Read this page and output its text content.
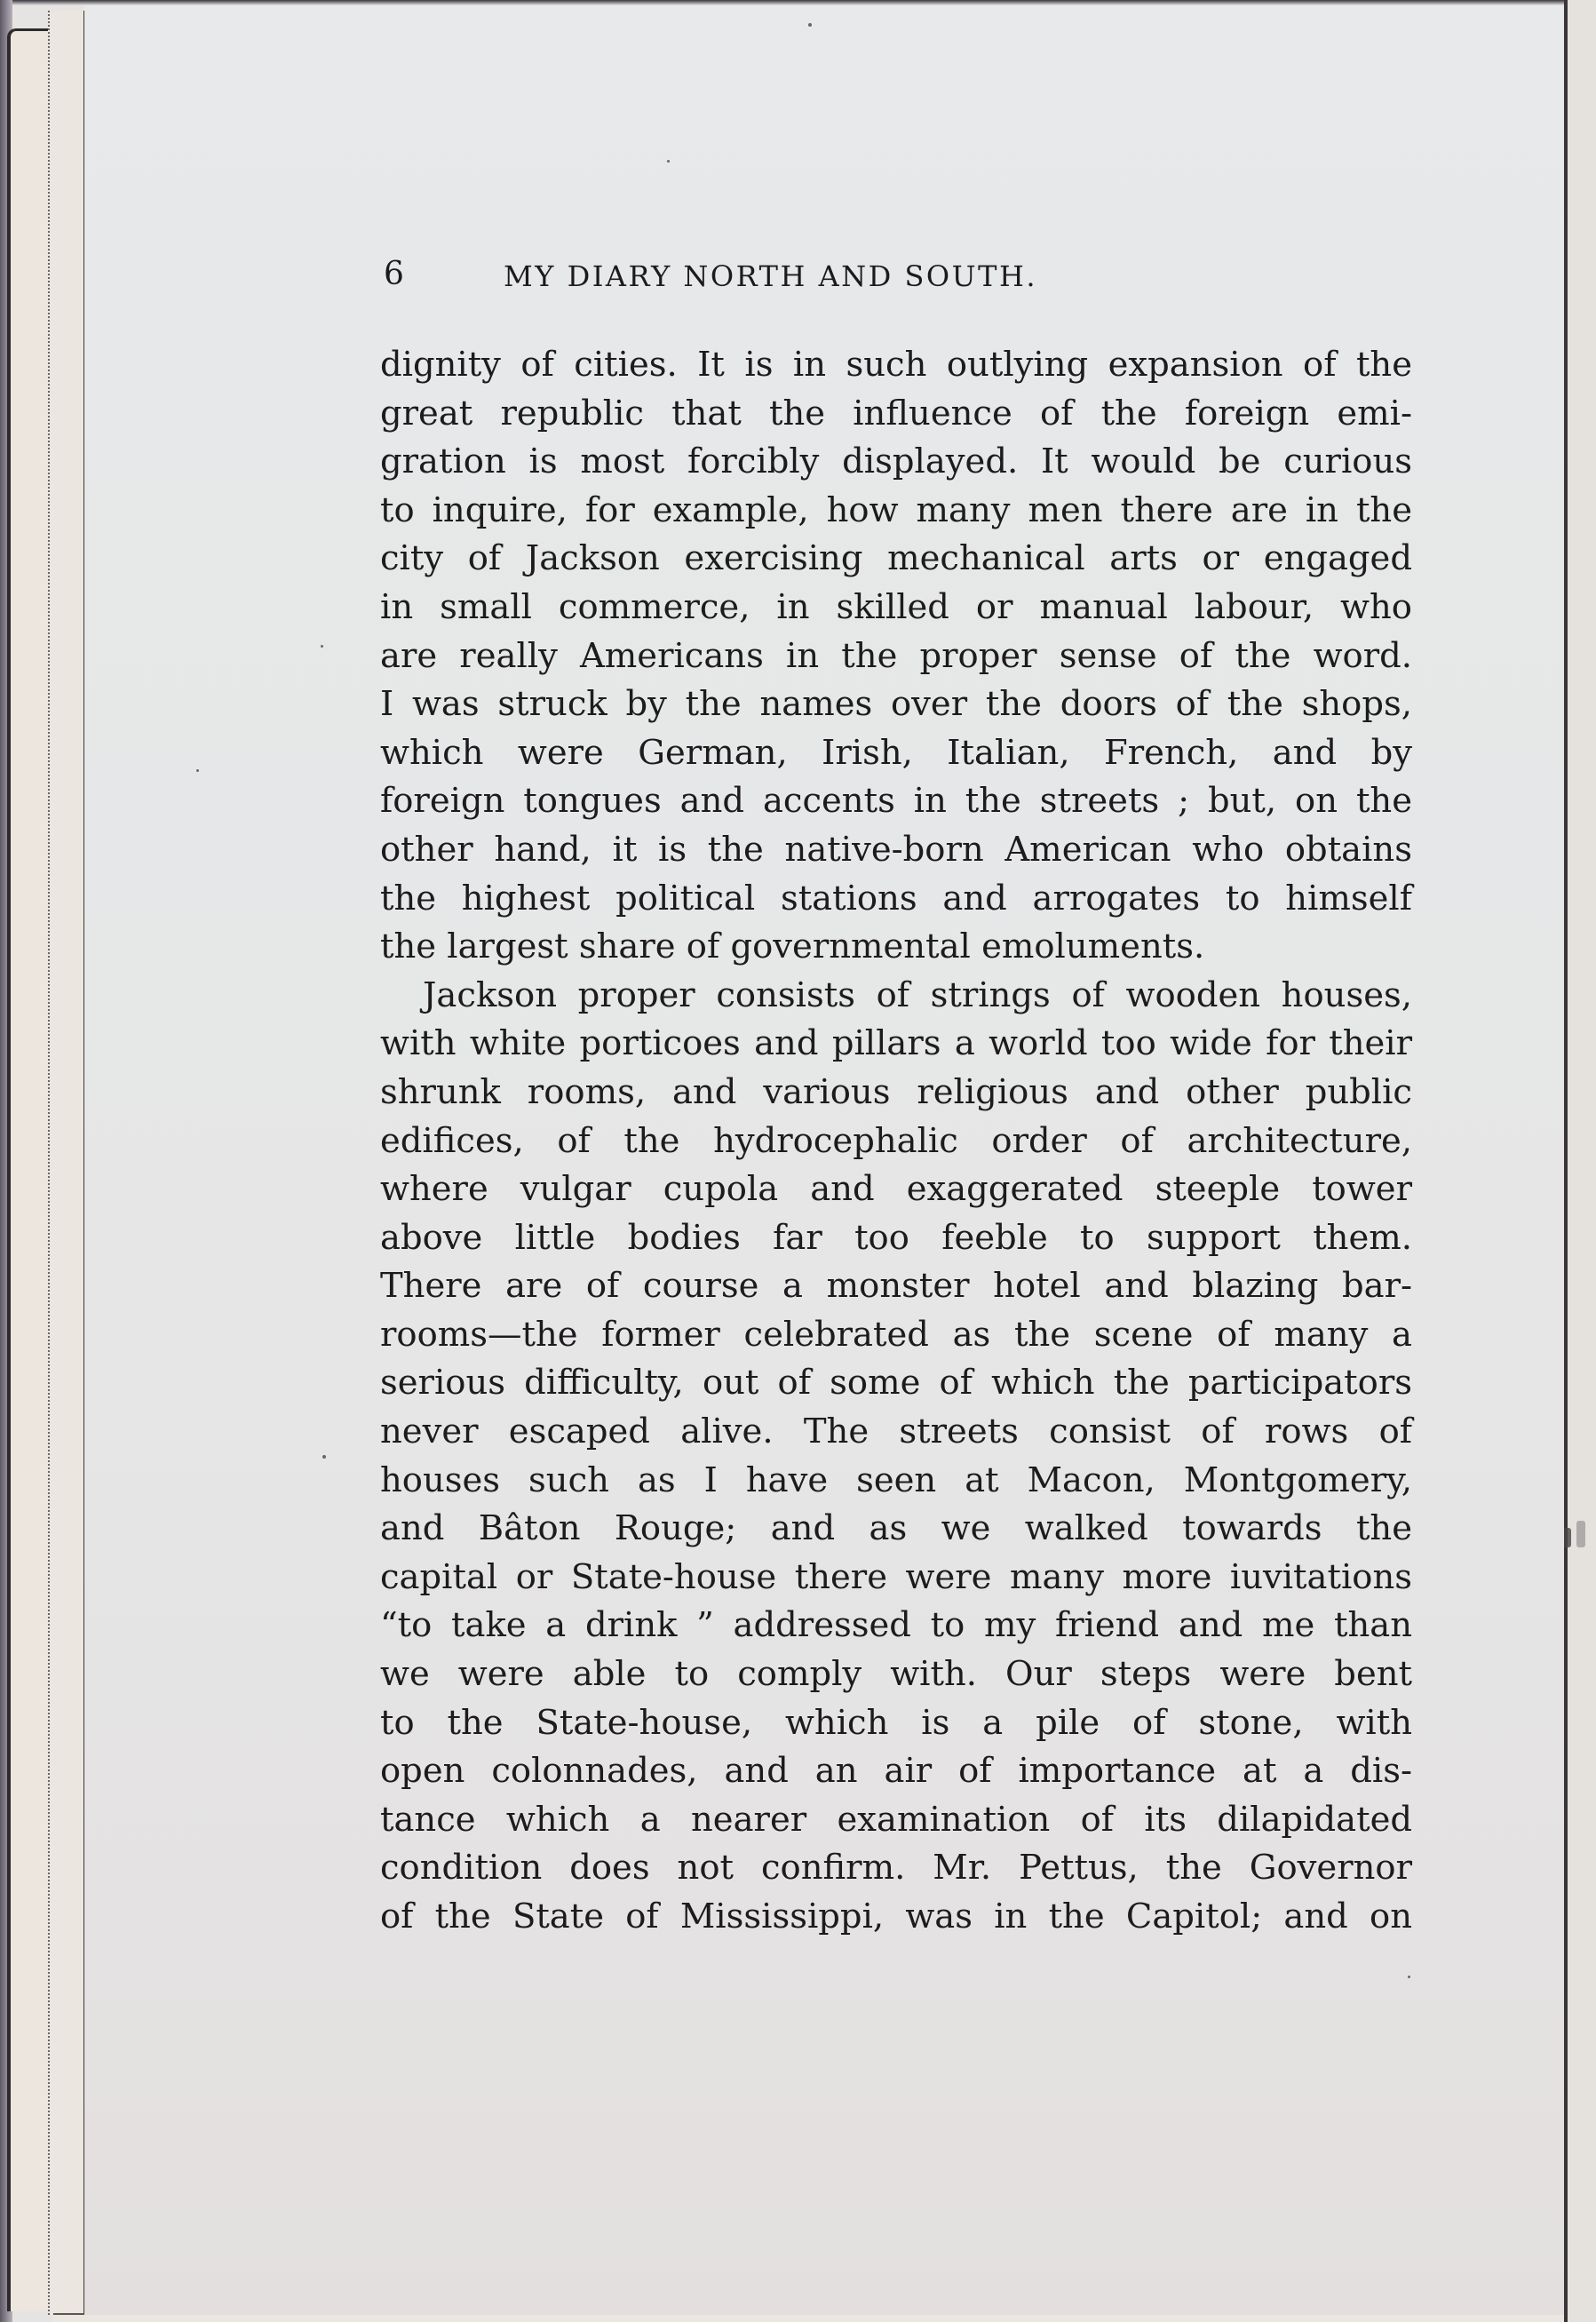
6	MY DIARY NORTH AND SOUTH.
dignity of cities. It is in such outlying expansion of the
great republic that the influence of the foreign emi-
gration is most forcibly displayed. It would be curious
to inquire, for example, how many men there are in the
city of Jackson exercising mechanical arts or engaged
in small commerce, in skilled or manual labour, who
are really Americans in the proper sense of the word.
I was struck by the names over the doors of the shops,
which were German, Irish, Italian, French, and by
foreign tongues and accents in the streets ; but, on the
other hand, it is the native-born American who obtains
the highest political stations and arrogates to himself
the largest share of governmental emoluments.
Jackson proper consists of strings of wooden houses,
with white porticoes and pillars a world too wide for their
shrunk rooms, and various religious and other public
edifices, of the hydrocephalic order of architecture,
where vulgar cupola and exaggerated steeple tower
above little bodies far too feeble to support them.
There are of course a monster hotel and blazing bar-
rooms—the former celebrated as the scene of many a
serious difficulty, out of some of which the participators
never escaped alive. The streets consist of rows of
houses such as I have seen at Macon, Montgomery,
and Bâton Rouge; and as we walked towards the
capital or State-house there were many more iuvitations
“to take a drink ” addressed to my friend and me than
we were able to comply with. Our steps were bent
to the State-house, which is a pile of stone, with
open colonnades, and an air of importance at a dis-
tance which a nearer examination of its dilapidated
condition does not confirm. Mr. Pettus, the Governor
of the State of Mississippi, was in the Capitol; and on
